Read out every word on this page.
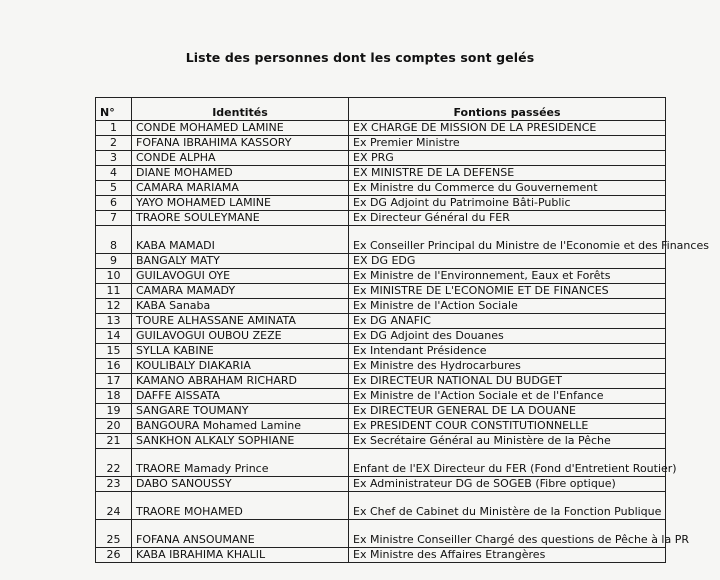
Liste des personnes dont les comptes sont gelés
N°	Identités	Fontions passées
1	CONDE MOHAMED LAMINE	EX CHARGE DE MISSION DE LA PRESIDENCE
2	FOFANA IBRAHIMA KASSORY	Ex Premier Ministre
3	CONDE ALPHA	EX PRG
4	DIANE MOHAMED	EX MINISTRE DE LA DEFENSE
5	CAMARA MARIAMA	Ex Ministre du Commerce du Gouvernement
6	YAYO MOHAMED LAMINE	Ex DG Adjoint du Patrimoine Bâti-Public
7	TRAORE SOULEYMANE	Ex Directeur Général du FER
8	KABA MAMADI	Ex Conseiller Principal du Ministre de l'Economie et des Finances
9	BANGALY MATY	EX DG EDG
10	GUILAVOGUI OYE	Ex Ministre de l'Environnement, Eaux et Forêts
11	CAMARA MAMADY	Ex MINISTRE DE L'ECONOMIE ET DE FINANCES
12	KABA Sanaba	Ex Ministre de l'Action Sociale
13	TOURE ALHASSANE AMINATA	Ex DG ANAFIC
14	GUILAVOGUI OUBOU ZEZE	Ex DG Adjoint des Douanes
15	SYLLA KABINE	Ex Intendant Présidence
16	KOULIBALY DIAKARIA	Ex Ministre des Hydrocarbures
17	KAMANO ABRAHAM RICHARD	Ex DIRECTEUR NATIONAL DU BUDGET
18	DAFFE AISSATA	Ex Ministre de l'Action Sociale et de l'Enfance
19	SANGARE TOUMANY	Ex DIRECTEUR GENERAL DE LA DOUANE
20	BANGOURA Mohamed Lamine	Ex PRESIDENT COUR CONSTITUTIONNELLE
21	SANKHON ALKALY SOPHIANE	Ex Secrétaire Général au Ministère de la Pêche
22	TRAORE Mamady Prince	Enfant de l'EX Directeur du FER (Fond d'Entretient Routier)
23	DABO SANOUSSY	Ex Administrateur DG de SOGEB (Fibre optique)
24	TRAORE MOHAMED	Ex Chef de Cabinet du Ministère de la Fonction Publique
25	FOFANA ANSOUMANE	Ex Ministre Conseiller Chargé des questions de Pêche à la PR
26	KABA IBRAHIMA KHALIL	Ex Ministre des Affaires Etrangères
